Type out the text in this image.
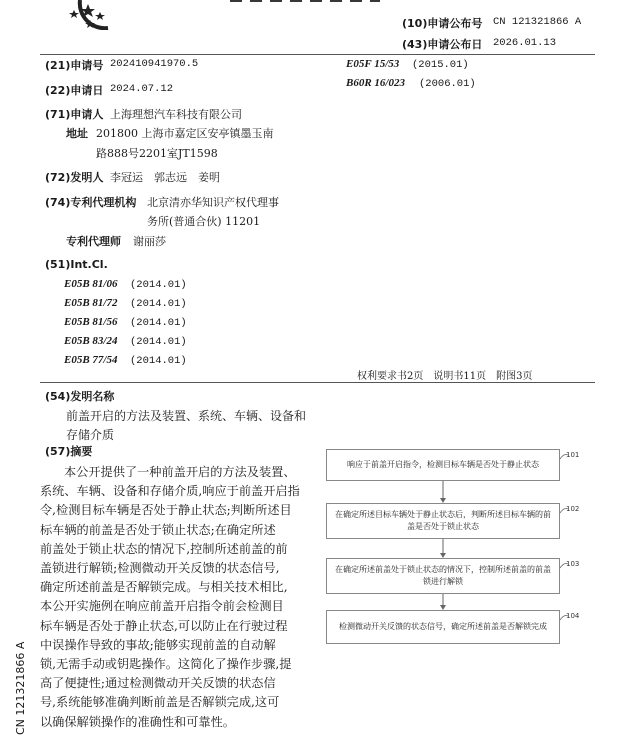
(10)申请公布号 CN 121321866 A
(43)申请公布日 2026.01.13
(21)申请号 202410941970.5
(22)申请日 2024.07.12
(71)申请人 上海理想汽车科技有限公司
地址 201800 上海市嘉定区安亭镇墨玉南
路888号2201室JT1598
(72)发明人 李冠运　郭志远　姜明
(74)专利代理机构 北京清亦华知识产权代理事
务所(普通合伙) 11201
专利代理师 谢丽莎
(51)Int.Cl.
E05B 81/06 (2014.01)
E05B 81/72 (2014.01)
E05B 81/56 (2014.01)
E05B 83/24 (2014.01)
E05B 77/54 (2014.01)
E05F 15/53 (2015.01)
B60R 16/023 (2006.01)
权利要求书2页　说明书11页　附图3页
(54)发明名称
前盖开启的方法及装置、系统、车辆、设备和
存储介质
(57)摘要
本公开提供了一种前盖开启的方法及装置、
系统、车辆、设备和存储介质,响应于前盖开启指
令,检测目标车辆是否处于静止状态;判断所述目
标车辆的前盖是否处于锁止状态;在确定所述
前盖处于锁止状态的情况下,控制所述前盖的前
盖锁进行解锁;检测微动开关反馈的状态信号,
确定所述前盖是否解锁完成。与相关技术相比,
本公开实施例在响应前盖开启指令前会检测目
标车辆是否处于静止状态,可以防止在行驶过程
中误操作导致的事故;能够实现前盖的自动解
锁,无需手动或钥匙操作。这简化了操作步骤,提
高了便捷性;通过检测微动开关反馈的状态信
号,系统能够准确判断前盖是否解锁完成,这可
以确保解锁操作的准确性和可靠性。
CN 121321866 A
响应于前盖开启指令，检测目标车辆是否处于静止状态
101
在确定所述目标车辆处于静止状态后，判断所述目标车辆的前盖是否处于锁止状态
102
在确定所述前盖处于锁止状态的情况下，控制所述前盖的前盖锁进行解锁
103
检测微动开关反馈的状态信号，确定所述前盖是否解锁完成
104
